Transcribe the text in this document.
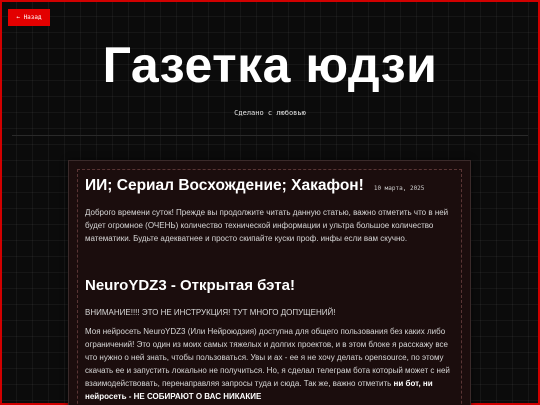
← Назад
Газетка юдзи
Сделано с любовью
ИИ; Сериал Восхождение; Хакафон! 10 марта, 2025

Доброго времени суток! Прежде вы продолжите читать данную статью, важно отметить что в ней будет огромное (ОЧЕНЬ) количество технической информации и ультра большое количество математики. Будьте адекватнее и просто скипайте куски проф. инфы если вам скучно.

NeuroYDZ3 - Открытая бэта!

ВНИМАНИЕ!!!! ЭТО НЕ ИНСТРУКЦИЯ! ТУТ МНОГО ДОПУЩЕНИЙ!

Моя нейросеть NeuroYDZ3 (Или Нейроюдзия) доступна для общего пользования без каких либо ограничений! Это один из моих самых тяжелых и долгих проектов, и в этом блоке я расскажу все что нужно о ней знать, чтобы пользоваться. Увы и ах - ее я не хочу делать opensource, по этому скачать ее и запустить локально не получиться. Но, я сделал телеграм бота который может с ней взаимодействовать, перенаправляя запросы туда и сюда. Так же, важно отметить ни бот, ни нейросеть - НЕ СОБИРАЮТ О ВАС НИКАКИЕ
